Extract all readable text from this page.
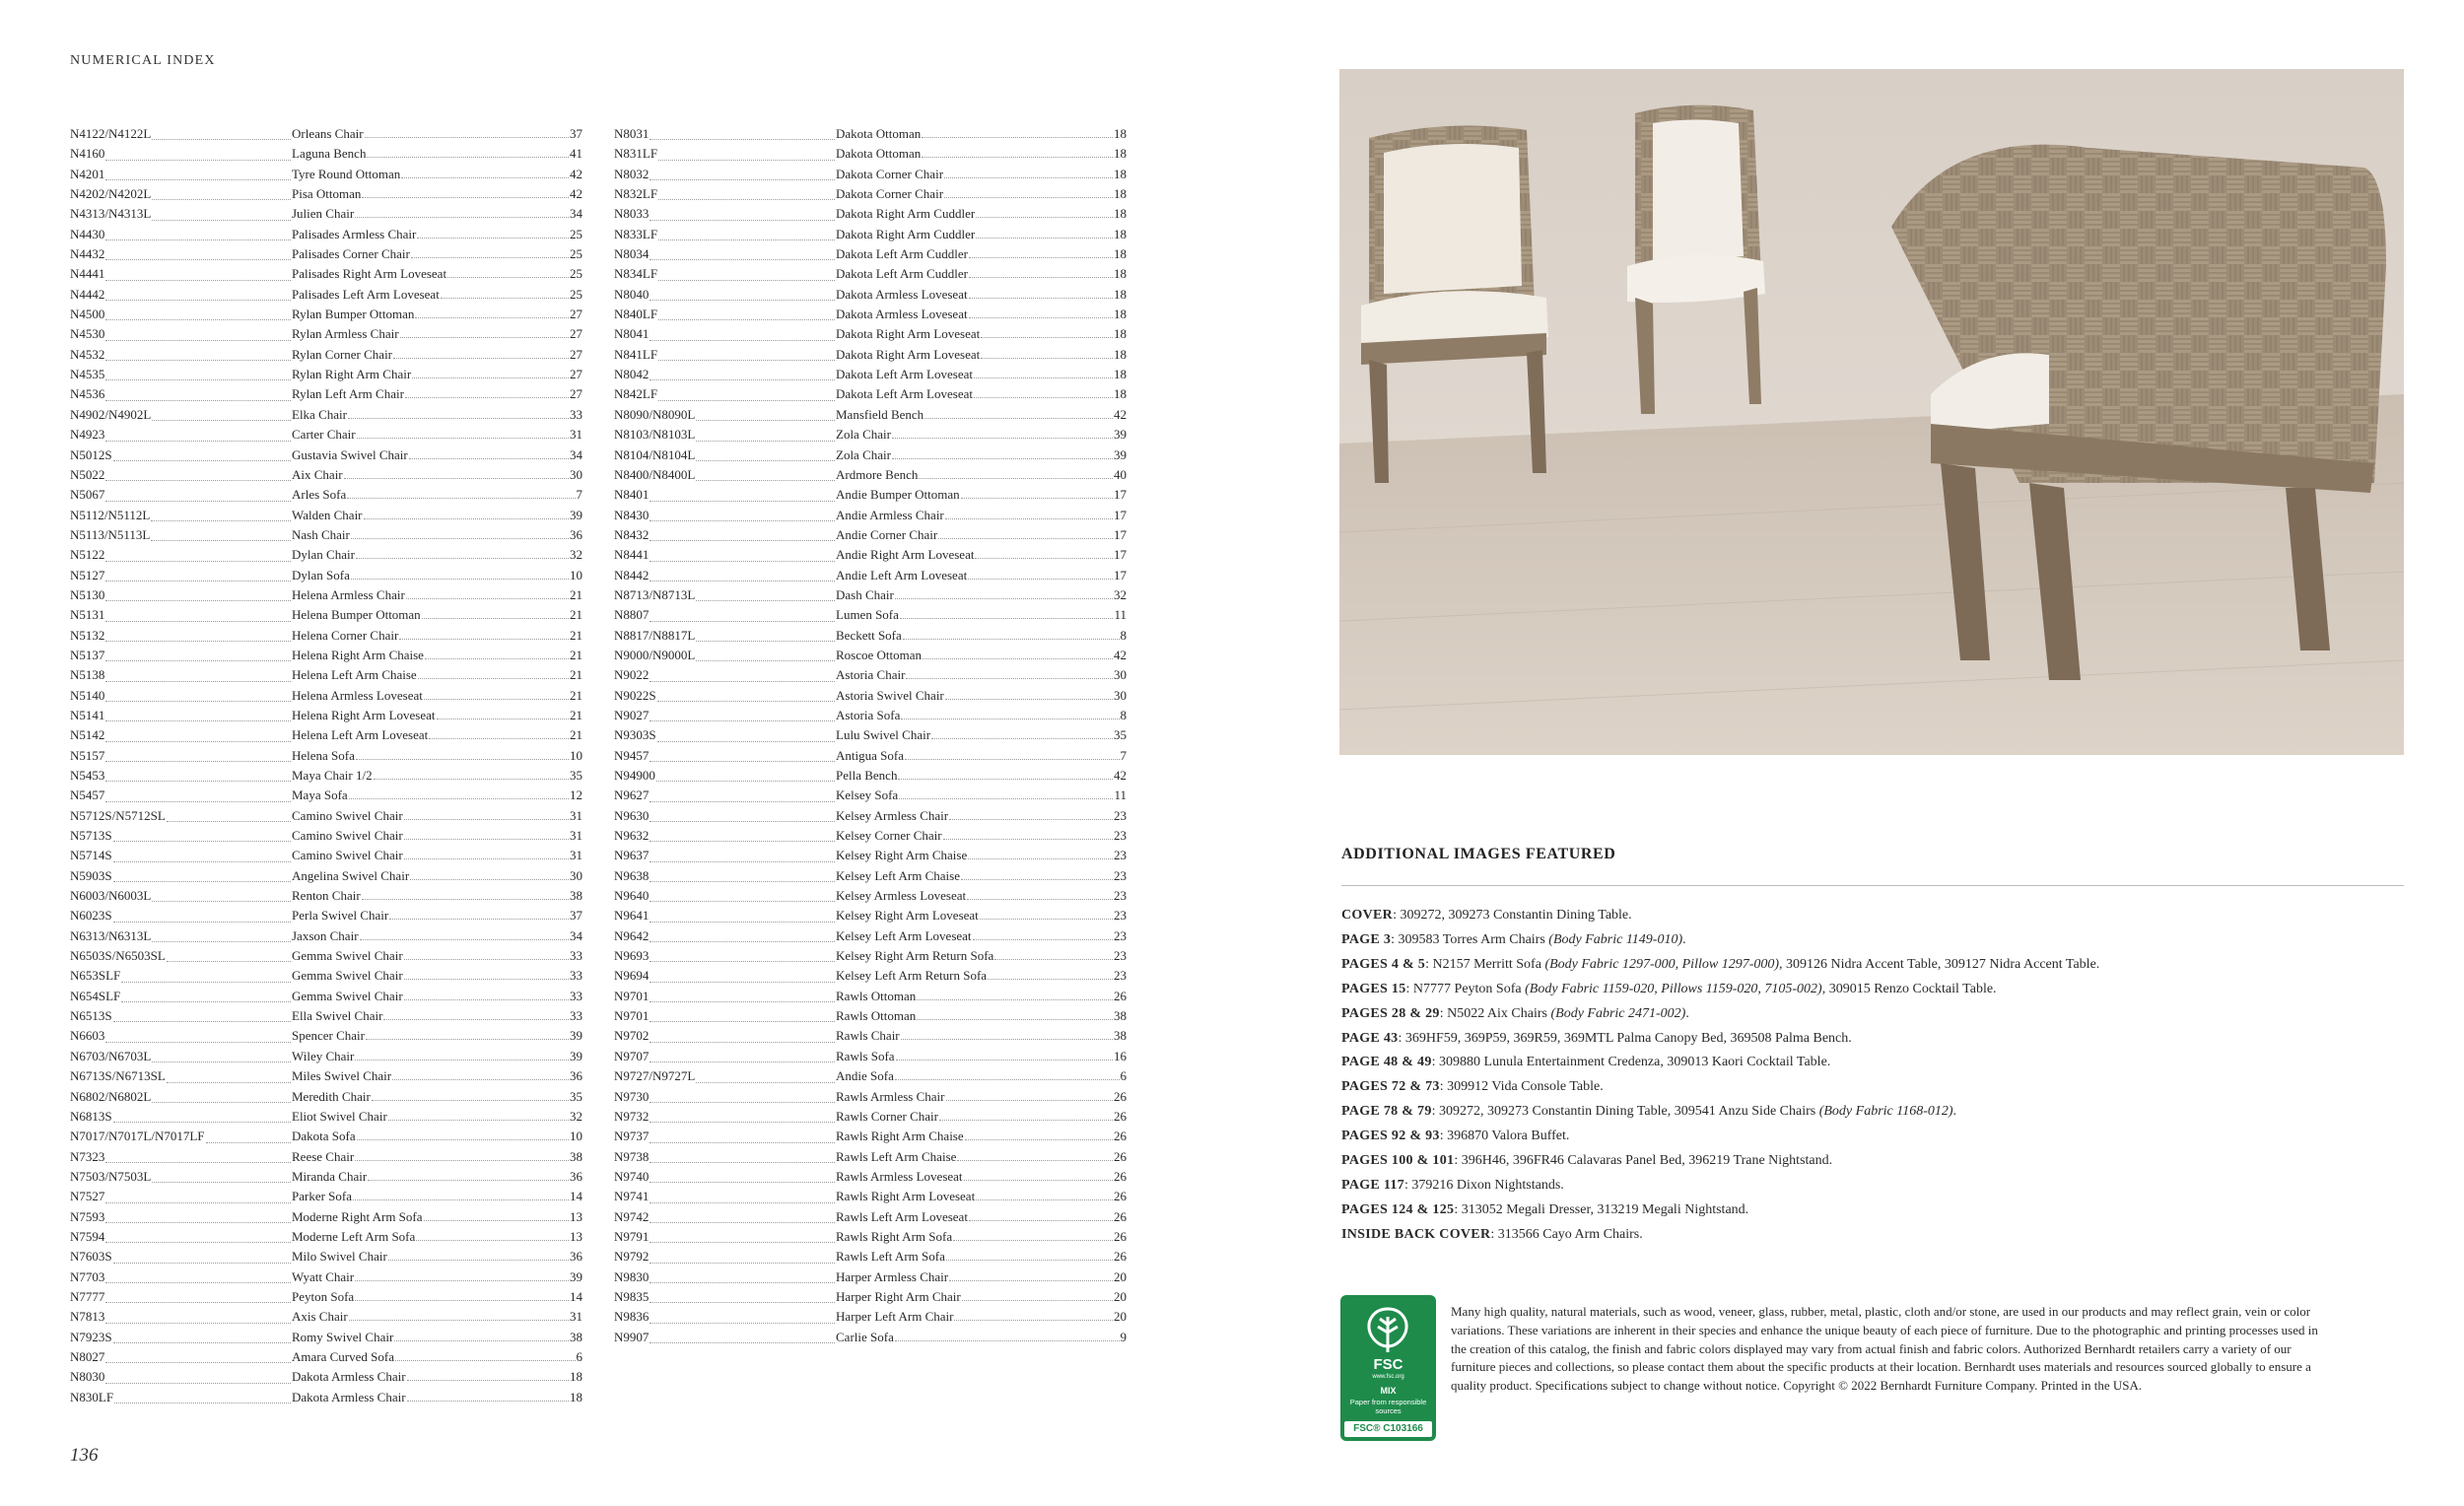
NUMERICAL INDEX
N4122/N4122L	Orleans Chair	37
N4160	Laguna Bench	41
N4201	Tyre Round Ottoman	42
N4202/N4202L	Pisa Ottoman	42
N4313/N4313L	Julien Chair	34
N4430	Palisades Armless Chair	25
N4432	Palisades Corner Chair	25
N4441	Palisades Right Arm Loveseat	25
N4442	Palisades Left Arm Loveseat	25
N4500	Rylan Bumper Ottoman	27
N4530	Rylan Armless Chair	27
N4532	Rylan Corner Chair	27
N4535	Rylan Right Arm Chair	27
N4536	Rylan Left Arm Chair	27
N4902/N4902L	Elka Chair	33
N4923	Carter Chair	31
N5012S	Gustavia Swivel Chair	34
N5022	Aix Chair	30
N5067	Arles Sofa	7
N5112/N5112L	Walden Chair	39
N5113/N5113L	Nash Chair	36
N5122	Dylan Chair	32
N5127	Dylan Sofa	10
N5130	Helena Armless Chair	21
N5131	Helena Bumper Ottoman	21
N5132	Helena Corner Chair	21
N5137	Helena Right Arm Chaise	21
N5138	Helena Left Arm Chaise	21
N5140	Helena Armless Loveseat	21
N5141	Helena Right Arm Loveseat	21
N5142	Helena Left Arm Loveseat	21
N5157	Helena Sofa	10
N5453	Maya Chair 1/2	35
N5457	Maya Sofa	12
N5712S/N5712SL	Camino Swivel Chair	31
N5713S	Camino Swivel Chair	31
N5714S	Camino Swivel Chair	31
N5903S	Angelina Swivel Chair	30
N6003/N6003L	Renton Chair	38
N6023S	Perla Swivel Chair	37
N6313/N6313L	Jaxson Chair	34
N6503S/N6503SL	Gemma Swivel Chair	33
N653SLF	Gemma Swivel Chair	33
N654SLF	Gemma Swivel Chair	33
N6513S	Ella Swivel Chair	33
N6603	Spencer Chair	39
N6703/N6703L	Wiley Chair	39
N6713S/N6713SL	Miles Swivel Chair	36
N6802/N6802L	Meredith Chair	35
N6813S	Eliot Swivel Chair	32
N7017/N7017L/N7017LF	Dakota Sofa	10
N7323	Reese Chair	38
N7503/N7503L	Miranda Chair	36
N7527	Parker Sofa	14
N7593	Moderne Right Arm Sofa	13
N7594	Moderne Left Arm Sofa	13
N7603S	Milo Swivel Chair	36
N7703	Wyatt Chair	39
N7777	Peyton Sofa	14
N7813	Axis Chair	31
N7923S	Romy Swivel Chair	38
N8027	Amara Curved Sofa	6
N8030	Dakota Armless Chair	18
N830LF	Dakota Armless Chair	18
N8031	Dakota Ottoman	18
N831LF	Dakota Ottoman	18
N8032	Dakota Corner Chair	18
N832LF	Dakota Corner Chair	18
N8033	Dakota Right Arm Cuddler	18
N833LF	Dakota Right Arm Cuddler	18
N8034	Dakota Left Arm Cuddler	18
N834LF	Dakota Left Arm Cuddler	18
N8040	Dakota Armless Loveseat	18
N840LF	Dakota Armless Loveseat	18
N8041	Dakota Right Arm Loveseat	18
N841LF	Dakota Right Arm Loveseat	18
N8042	Dakota Left Arm Loveseat	18
N842LF	Dakota Left Arm Loveseat	18
N8090/N8090L	Mansfield Bench	42
N8103/N8103L	Zola Chair	39
N8104/N8104L	Zola Chair	39
N8400/N8400L	Ardmore Bench	40
N8401	Andie Bumper Ottoman	17
N8430	Andie Armless Chair	17
N8432	Andie Corner Chair	17
N8441	Andie Right Arm Loveseat	17
N8442	Andie Left Arm Loveseat	17
N8713/N8713L	Dash Chair	32
N8807	Lumen Sofa	11
N8817/N8817L	Beckett Sofa	8
N9000/N9000L	Roscoe Ottoman	42
N9022	Astoria Chair	30
N9022S	Astoria Swivel Chair	30
N9027	Astoria Sofa	8
N9303S	Lulu Swivel Chair	35
N9457	Antigua Sofa	7
N94900	Pella Bench	42
N9627	Kelsey Sofa	11
N9630	Kelsey Armless Chair	23
N9632	Kelsey Corner Chair	23
N9637	Kelsey Right Arm Chaise	23
N9638	Kelsey Left Arm Chaise	23
N9640	Kelsey Armless Loveseat	23
N9641	Kelsey Right Arm Loveseat	23
N9642	Kelsey Left Arm Loveseat	23
N9693	Kelsey Right Arm Return Sofa	23
N9694	Kelsey Left Arm Return Sofa	23
N9701	Rawls Ottoman	26
N9701	Rawls Ottoman	38
N9702	Rawls Chair	38
N9707	Rawls Sofa	16
N9727/N9727L	Andie Sofa	6
N9730	Rawls Armless Chair	26
N9732	Rawls Corner Chair	26
N9737	Rawls Right Arm Chaise	26
N9738	Rawls Left Arm Chaise	26
N9740	Rawls Armless Loveseat	26
N9741	Rawls Right Arm Loveseat	26
N9742	Rawls Left Arm Loveseat	26
N9791	Rawls Right Arm Sofa	26
N9792	Rawls Left Arm Sofa	26
N9830	Harper Armless Chair	20
N9835	Harper Right Arm Chair	20
N9836	Harper Left Arm Chair	20
N9907	Carlie Sofa	9
136
ADDITIONAL IMAGES FEATURED
COVER: 309272, 309273 Constantin Dining Table.
PAGE 3: 309583 Torres Arm Chairs (Body Fabric 1149-010).
PAGES 4 & 5: N2157 Merritt Sofa (Body Fabric 1297-000, Pillow 1297-000), 309126 Nidra Accent Table, 309127 Nidra Accent Table.
PAGES 15: N7777 Peyton Sofa (Body Fabric 1159-020, Pillows 1159-020, 7105-002), 309015 Renzo Cocktail Table.
PAGES 28 & 29: N5022 Aix Chairs (Body Fabric 2471-002).
PAGE 43: 369HF59, 369P59, 369R59, 369MTL Palma Canopy Bed, 369508 Palma Bench.
PAGE 48 & 49: 309880 Lunula Entertainment Credenza, 309013 Kaori Cocktail Table.
PAGES 72 & 73: 309912 Vida Console Table.
PAGE 78 & 79: 309272, 309273 Constantin Dining Table, 309541 Anzu Side Chairs (Body Fabric 1168-012).
PAGES 92 & 93: 396870 Valora Buffet.
PAGES 100 & 101: 396H46, 396FR46 Calavaras Panel Bed, 396219 Trane Nightstand.
PAGE 117: 379216 Dixon Nightstands.
PAGES 124 & 125: 313052 Megali Dresser, 313219 Megali Nightstand.
INSIDE BACK COVER: 313566 Cayo Arm Chairs.
FSC
www.fsc.org
MIX
Paper from responsible sources
FSC® C103166
Many high quality, natural materials, such as wood, veneer, glass, rubber, metal, plastic, cloth and/or stone, are used in our products and may reflect grain, vein or color variations. These variations are inherent in their species and enhance the unique beauty of each piece of furniture. Due to the photographic and printing processes used in the creation of this catalog, the finish and fabric colors displayed may vary from actual finish and fabric colors. Authorized Bernhardt retailers carry a variety of our furniture pieces and collections, so please contact them about the specific products at their location. Bernhardt uses materials and resources sourced globally to ensure a quality product. Specifications subject to change without notice. Copyright © 2022 Bernhardt Furniture Company. Printed in the USA.
